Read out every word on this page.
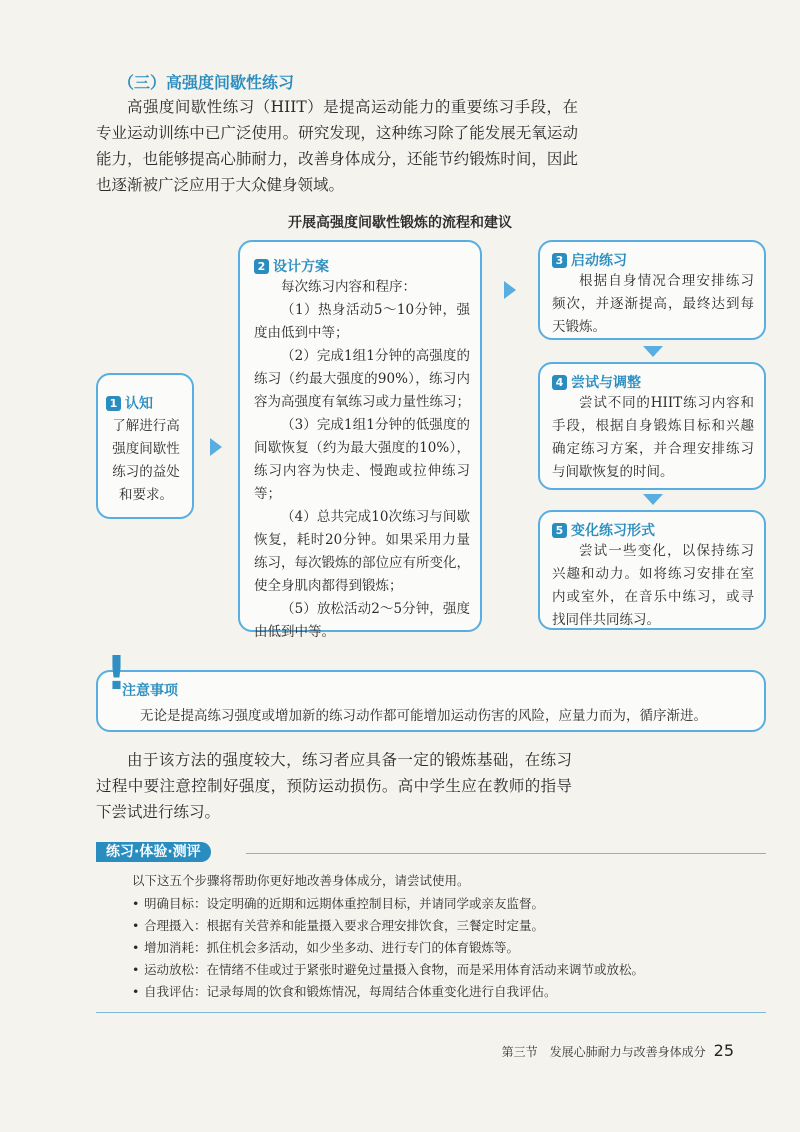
（三）高强度间歇性练习

高强度间歇性练习（HIIT）是提高运动能力的重要练习手段，在专业运动训练中已广泛使用。研究发现，这种练习除了能发展无氧运动能力，也能够提高心肺耐力，改善身体成分，还能节约锻炼时间，因此也逐渐被广泛应用于大众健身领域。

开展高强度间歇性锻炼的流程和建议
1 认知

了解进行高强度间歇性练习的益处和要求。

2 设计方案

每次练习内容和程序：

（1）热身活动5～10分钟，强度由低到中等；

（2）完成1组1分钟的高强度的练习（约最大强度的90%），练习内容为高强度有氧练习或力量性练习；

（3）完成1组1分钟的低强度的间歇恢复（约为最大强度的10%），练习内容为快走、慢跑或拉伸练习等；

（4）总共完成10次练习与间歇恢复，耗时20分钟。如果采用力量练习，每次锻炼的部位应有所变化，使全身肌肉都得到锻炼；

（5）放松活动2～5分钟，强度由低到中等。

3 启动练习

根据自身情况合理安排练习频次，并逐渐提高，最终达到每天锻炼。

4 尝试与调整

尝试不同的HIIT练习内容和手段，根据自身锻炼目标和兴趣确定练习方案，并合理安排练习与间歇恢复的时间。

5 变化练习形式

尝试一些变化，以保持练习兴趣和动力。如将练习安排在室内或室外，在音乐中练习，或寻找同伴共同练习。

!
注意事项
无论是提高练习强度或增加新的练习动作都可能增加运动伤害的风险，应量力而为，循序渐进。

由于该方法的强度较大，练习者应具备一定的锻炼基础，在练习过程中要注意控制好强度，预防运动损伤。高中学生应在教师的指导下尝试进行练习。

练习·体验·测评

以下这五个步骤将帮助你更好地改善身体成分，请尝试使用。

• 明确目标：设定明确的近期和远期体重控制目标，并请同学或亲友监督。
• 合理摄入：根据有关营养和能量摄入要求合理安排饮食，三餐定时定量。
• 增加消耗：抓住机会多活动，如少坐多动、进行专门的体育锻炼等。
• 运动放松：在情绪不佳或过于紧张时避免过量摄入食物，而是采用体育活动来调节或放松。
• 自我评估：记录每周的饮食和锻炼情况，每周结合体重变化进行自我评估。
第三节　发展心肺耐力与改善身体成分 25
